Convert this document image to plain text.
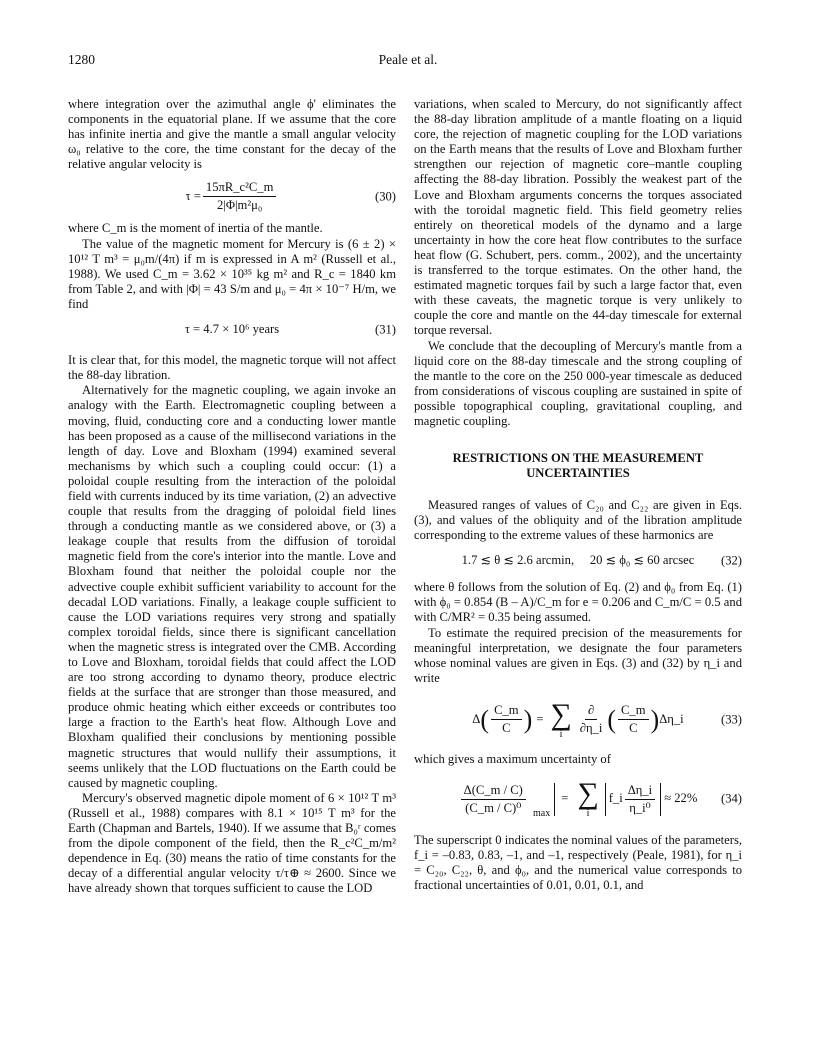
1280	Peale et al.

where integration over the azimuthal angle ϕ' eliminates the components in the equatorial plane. If we assume that the core has infinite inertia and give the mantle a small angular velocity ω₀ relative to the core, the time constant for the decay of the relative angular velocity is

$\tau = \frac{\text{15πR\_c²C\_m}}{\text{2|Φ|m²μ₀}}$	(30)

where C_m is the moment of inertia of the mantle.

The value of the magnetic moment for Mercury is (6 ± 2) × 10¹² T m³ = μ₀m/(4π) if m is expressed in A m² (Russell et al., 1988). We used C_m = 3.62 × 10³⁵ kg m² and R_c = 1840 km from Table 2, and with |Φ| = 43 S/m and μ₀ = 4π × 10⁻⁷ H/m, we find

τ = 4.7 × 10⁶ years	(31)

It is clear that, for this model, the magnetic torque will not affect the 88-day libration.

Alternatively for the magnetic coupling, we again invoke an analogy with the Earth. Electromagnetic coupling between a moving, fluid, conducting core and a conducting lower mantle has been proposed as a cause of the millisecond variations in the length of day. Love and Bloxham (1994) examined several mechanisms by which such a coupling could occur: (1) a poloidal couple resulting from the interaction of the poloidal field with currents induced by its time variation, (2) an advective couple that results from the dragging of poloidal field lines through a conducting mantle as we considered above, or (3) a leakage couple that results from the diffusion of toroidal magnetic field from the core's interior into the mantle. Love and Bloxham found that neither the poloidal couple nor the advective couple exhibit sufficient variability to account for the decadal LOD variations. Finally, a leakage couple sufficient to cause the LOD variations requires very strong and spatially complex toroidal fields, since there is significant cancellation when the magnetic stress is integrated over the CMB. According to Love and Bloxham, toroidal fields that could affect the LOD are too strong according to dynamo theory, produce electric fields at the surface that are stronger than those measured, and produce ohmic heating which either exceeds or contributes too large a fraction to the Earth's heat flow. Although Love and Bloxham qualified their conclusions by mentioning possible magnetic structures that would nullify their assumptions, it seems unlikely that the LOD fluctuations on the Earth could be caused by magnetic coupling.

Mercury's observed magnetic dipole moment of 6 × 10¹² T m³ (Russell et al., 1988) compares with 8.1 × 10¹⁵ T m³ for the Earth (Chapman and Bartels, 1940). If we assume that B₀ʳ comes from the dipole component of the field, then the R_c²C_m/m² dependence in Eq. (30) means the ratio of time constants for the decay of a differential angular velocity τ/τ⊕ ≈ 2600. Since we have already shown that torques sufficient to cause the LOD

variations, when scaled to Mercury, do not significantly affect the 88-day libration amplitude of a mantle floating on a liquid core, the rejection of magnetic coupling for the LOD variations on the Earth means that the results of Love and Bloxham further strengthen our rejection of magnetic core–mantle coupling affecting the 88-day libration. Possibly the weakest part of the Love and Bloxham arguments concerns the torques associated with the toroidal magnetic field. This field geometry relies entirely on theoretical models of the dynamo and a large uncertainty in how the core heat flow contributes to the surface heat flow (G. Schubert, pers. comm., 2002), and the uncertainty is transferred to the torque estimates. On the other hand, the estimated magnetic torques fail by such a large factor that, even with these caveats, the magnetic torque is very unlikely to couple the core and mantle on the 44-day timescale for external torque reversal.

We conclude that the decoupling of Mercury's mantle from a liquid core on the 88-day timescale and the strong coupling of the mantle to the core on the 250 000-year timescale as deduced from considerations of viscous coupling are sustained in spite of possible topographical coupling, gravitational coupling, and magnetic coupling.

RESTRICTIONS ON THE MEASUREMENT UNCERTAINTIES

Measured ranges of values of C₂₀ and C₂₂ are given in Eqs. (3), and values of the obliquity and of the libration amplitude corresponding to the extreme values of these harmonics are

1.7 ≲ θ ≲ 2.6 arcmin,     20 ≲ ϕ₀ ≲ 60 arcsec (32)

where θ follows from the solution of Eq. (2) and ϕ₀ from Eq. (1) with ϕ₀ = 0.854 (B – A)/C_m for e = 0.206 and C_m/C = 0.5 and with C/MR² = 0.35 being assumed.

To estimate the required precision of the measurements for meaningful interpretation, we designate the four parameters whose nominal values are given in Eqs. (3) and (32) by η_i and write

Δ ( $\frac{C\_m}{C}$ ) = ∑
i $\frac{\partial}{\partial\eta\_i}$ ( $\frac{C\_m}{C}$ ) Δη_i	(33)

which gives a maximum uncertainty of

$\frac{\Delta(C\_m / C)}{\text{(C\_m / C)⁰}} _{max}$
= ∑
i
f_i $\frac{\Delta\eta\_i}{\text{η\_i⁰}} \approx 22\%$ (34)

The superscript 0 indicates the nominal values of the parameters, f_i = –0.83, 0.83, –1, and –1, respectively (Peale, 1981), for η_i = C₂₀, C₂₂, θ, and ϕ₀, and the numerical value corresponds to fractional uncertainties of 0.01, 0.01, 0.1, and
